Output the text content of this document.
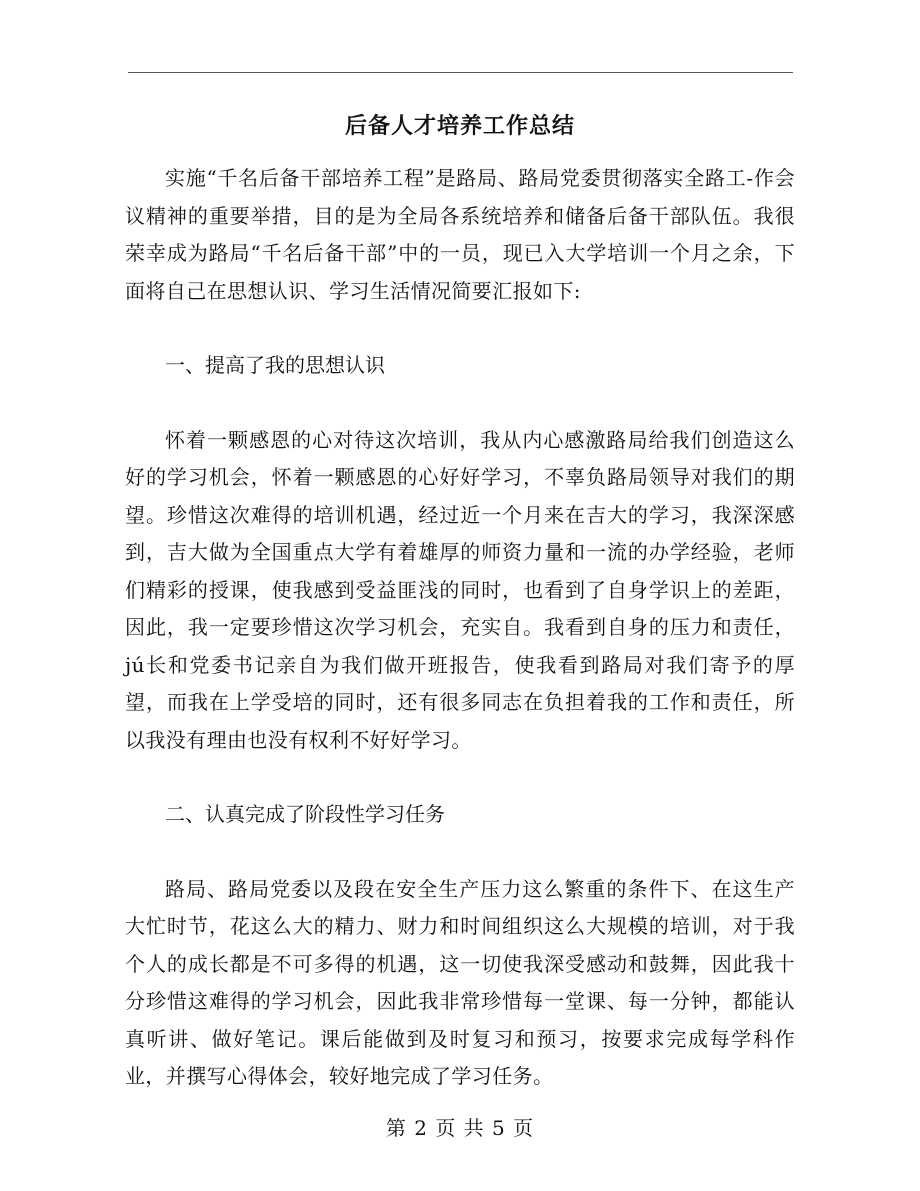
后备人才培养工作总结

实施“千名后备干部培养工程”是路局、路局党委贯彻落实全路工-作会议精神的重要举措，目的是为全局各系统培养和储备后备干部队伍。我很荣幸成为路局“千名后备干部”中的一员，现已入大学培训一个月之余，下面将自己在思想认识、学习生活情况简要汇报如下:

一、提高了我的思想认识

怀着一颗感恩的心对待这次培训，我从内心感激路局给我们创造这么好的学习机会，怀着一颗感恩的心好好学习，不辜负路局领导对我们的期望。珍惜这次难得的培训机遇，经过近一个月来在吉大的学习，我深深感到，吉大做为全国重点大学有着雄厚的师资力量和一流的办学经验，老师们精彩的授课，使我感到受益匪浅的同时，也看到了自身学识上的差距，因此，我一定要珍惜这次学习机会，充实自。我看到自身的压力和责任，jú长和党委书记亲自为我们做开班报告，使我看到路局对我们寄予的厚望，而我在上学受培的同时，还有很多同志在负担着我的工作和责任，所以我没有理由也没有权利不好好学习。

二、认真完成了阶段性学习任务

路局、路局党委以及段在安全生产压力这么繁重的条件下、在这生产大忙时节，花这么大的精力、财力和时间组织这么大规模的培训，对于我个人的成长都是不可多得的机遇，这一切使我深受感动和鼓舞，因此我十分珍惜这难得的学习机会，因此我非常珍惜每一堂课、每一分钟，都能认真听讲、做好笔记。课后能做到及时复习和预习，按要求完成每学科作业，并撰写心得体会，较好地完成了学习任务。

第 2 页 共 5 页
